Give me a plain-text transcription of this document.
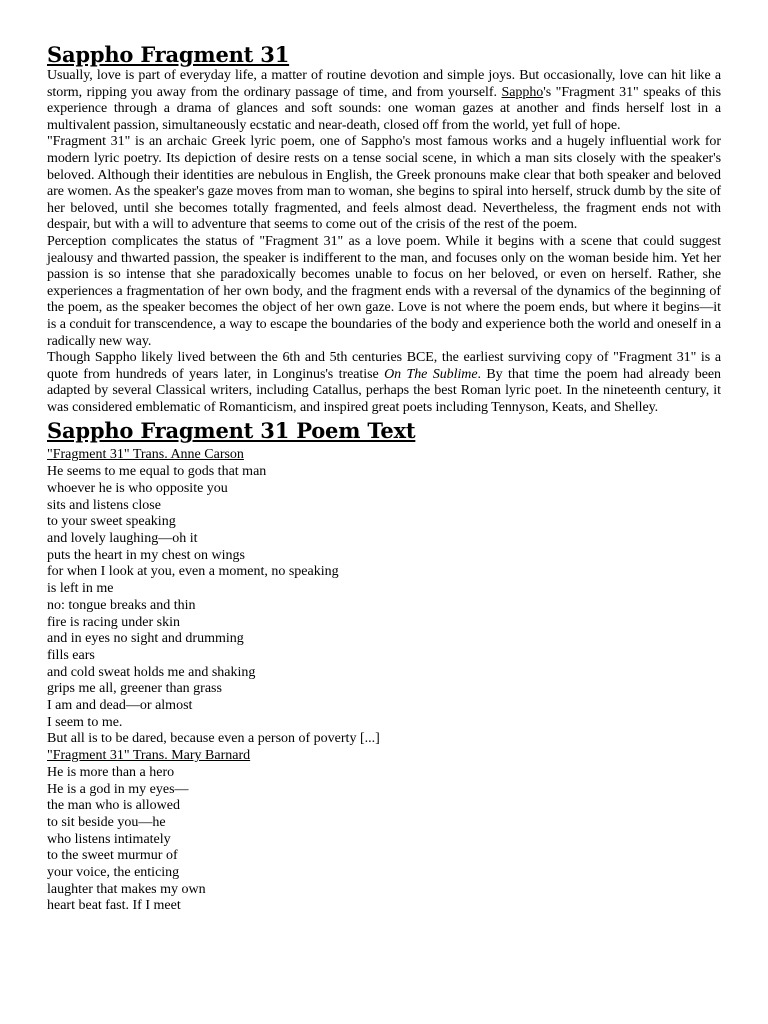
Sappho Fragment 31

Usually, love is part of everyday life, a matter of routine devotion and simple joys. But occasionally, love can hit like a storm, ripping you away from the ordinary passage of time, and from yourself. Sappho's "Fragment 31" speaks of this experience through a drama of glances and soft sounds: one woman gazes at another and finds herself lost in a multivalent passion, simultaneously ecstatic and near-death, closed off from the world, yet full of hope.

"Fragment 31" is an archaic Greek lyric poem, one of Sappho's most famous works and a hugely influential work for modern lyric poetry. Its depiction of desire rests on a tense social scene, in which a man sits closely with the speaker's beloved. Although their identities are nebulous in English, the Greek pronouns make clear that both speaker and beloved are women. As the speaker's gaze moves from man to woman, she begins to spiral into herself, struck dumb by the site of her beloved, until she becomes totally fragmented, and feels almost dead. Nevertheless, the fragment ends not with despair, but with a will to adventure that seems to come out of the crisis of the rest of the poem.

Perception complicates the status of "Fragment 31" as a love poem. While it begins with a scene that could suggest jealousy and thwarted passion, the speaker is indifferent to the man, and focuses only on the woman beside him. Yet her passion is so intense that she paradoxically becomes unable to focus on her beloved, or even on herself. Rather, she experiences a fragmentation of her own body, and the fragment ends with a reversal of the dynamics of the beginning of the poem, as the speaker becomes the object of her own gaze. Love is not where the poem ends, but where it begins—it is a conduit for transcendence, a way to escape the boundaries of the body and experience both the world and oneself in a radically new way.

Though Sappho likely lived between the 6th and 5th centuries BCE, the earliest surviving copy of "Fragment 31" is a quote from hundreds of years later, in Longinus's treatise On The Sublime. By that time the poem had already been adapted by several Classical writers, including Catallus, perhaps the best Roman lyric poet. In the nineteenth century, it was considered emblematic of Romanticism, and inspired great poets including Tennyson, Keats, and Shelley.

Sappho Fragment 31 Poem Text
"Fragment 31" Trans. Anne Carson
He seems to me equal to gods that man
whoever he is who opposite you
sits and listens close
to your sweet speaking
and lovely laughing—oh it
puts the heart in my chest on wings
for when I look at you, even a moment, no speaking
is left in me
no: tongue breaks and thin
fire is racing under skin
and in eyes no sight and drumming
fills ears
and cold sweat holds me and shaking
grips me all, greener than grass
I am and dead—or almost
I seem to me.
But all is to be dared, because even a person of poverty [...]
"Fragment 31" Trans. Mary Barnard
He is more than a hero
He is a god in my eyes—
the man who is allowed
to sit beside you—he
who listens intimately
to the sweet murmur of
your voice, the enticing
laughter that makes my own
heart beat fast. If I meet
